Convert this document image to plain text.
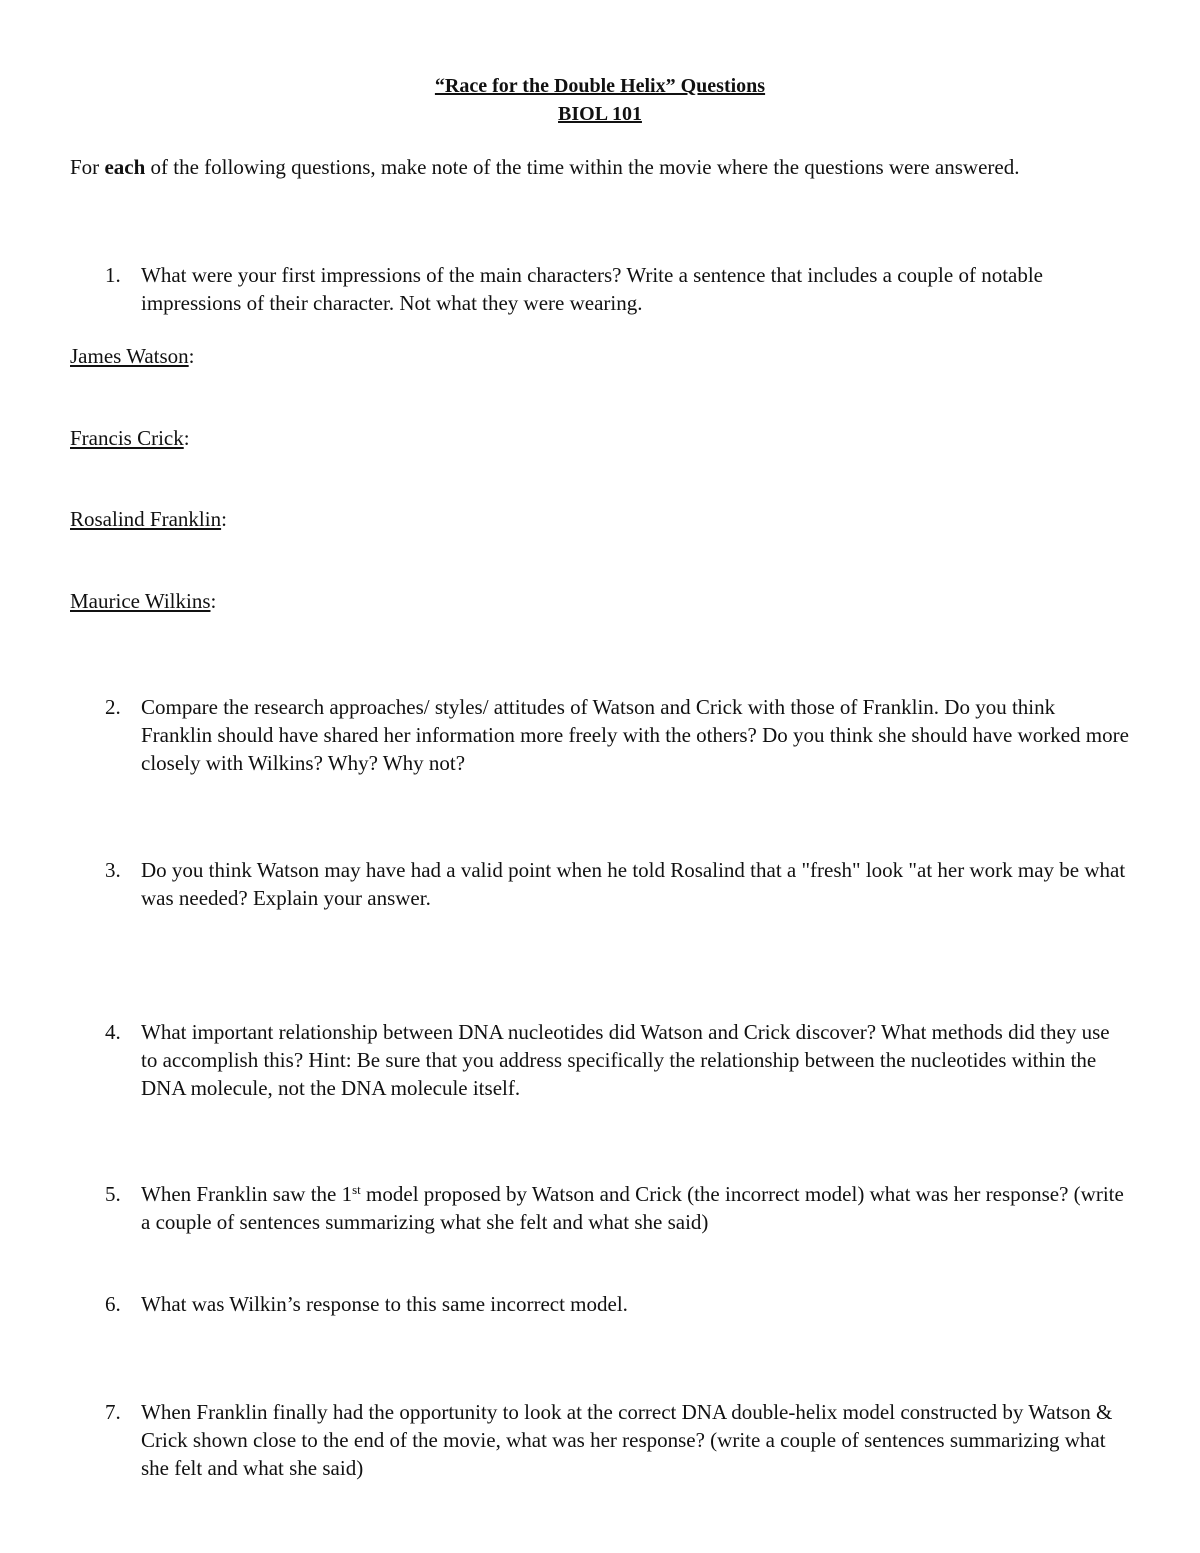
“Race for the Double Helix” Questions
BIOL 101
For each of the following questions, make note of the time within the movie where the questions were answered.
1. What were your first impressions of the main characters? Write a sentence that includes a couple of notable impressions of their character. Not what they were wearing.
James Watson:
Francis Crick:
Rosalind Franklin:
Maurice Wilkins:
2. Compare the research approaches/ styles/ attitudes of Watson and Crick with those of Franklin. Do you think Franklin should have shared her information more freely with the others? Do you think she should have worked more closely with Wilkins? Why? Why not?
3. Do you think Watson may have had a valid point when he told Rosalind that a "fresh" look "at her work may be what was needed? Explain your answer.
4. What important relationship between DNA nucleotides did Watson and Crick discover? What methods did they use to accomplish this? Hint: Be sure that you address specifically the relationship between the nucleotides within the DNA molecule, not the DNA molecule itself.
5. When Franklin saw the 1st model proposed by Watson and Crick (the incorrect model) what was her response? (write a couple of sentences summarizing what she felt and what she said)
6. What was Wilkin’s response to this same incorrect model.
7. When Franklin finally had the opportunity to look at the correct DNA double-helix model constructed by Watson & Crick shown close to the end of the movie, what was her response? (write a couple of sentences summarizing what she felt and what she said)
